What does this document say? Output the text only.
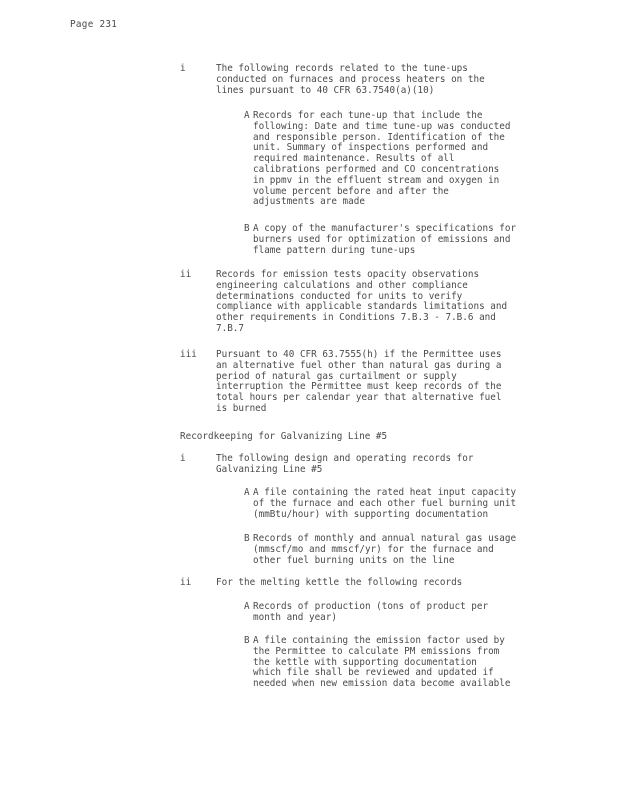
Page 231
i	The following records related to the tune-ups
conducted on furnaces and process heaters on the
lines pursuant to 40 CFR 63.7540(a)(10)
A Records for each tune-up that include the
following: Date and time tune-up was conducted
and responsible person. Identification of the
unit. Summary of inspections performed and
required maintenance. Results of all
calibrations performed and CO concentrations
in ppmv in the effluent stream and oxygen in
volume percent before and after the
adjustments are made
B A copy of the manufacturer's specifications for
burners used for optimization of emissions and
flame pattern during tune-ups
ii	Records for emission tests opacity observations
engineering calculations and other compliance
determinations conducted for units to verify
compliance with applicable standards limitations and
other requirements in Conditions 7.B.3 - 7.B.6 and
7.B.7
iii Pursuant to 40 CFR 63.7555(h) if the Permittee uses
an alternative fuel other than natural gas during a
period of natural gas curtailment or supply
interruption the Permittee must keep records of the
total hours per calendar year that alternative fuel
is burned
Recordkeeping for Galvanizing Line #5
i	The following design and operating records for
Galvanizing Line #5
A A file containing the rated heat input capacity
of the furnace and each other fuel burning unit
(mmBtu/hour) with supporting documentation
B Records of monthly and annual natural gas usage
(mmscf/mo and mmscf/yr) for the furnace and
other fuel burning units on the line
ii	For the melting kettle the following records
A Records of production (tons of product per
month and year)
B A file containing the emission factor used by
the Permittee to calculate PM emissions from
the kettle with supporting documentation
which file shall be reviewed and updated if
needed when new emission data become available
